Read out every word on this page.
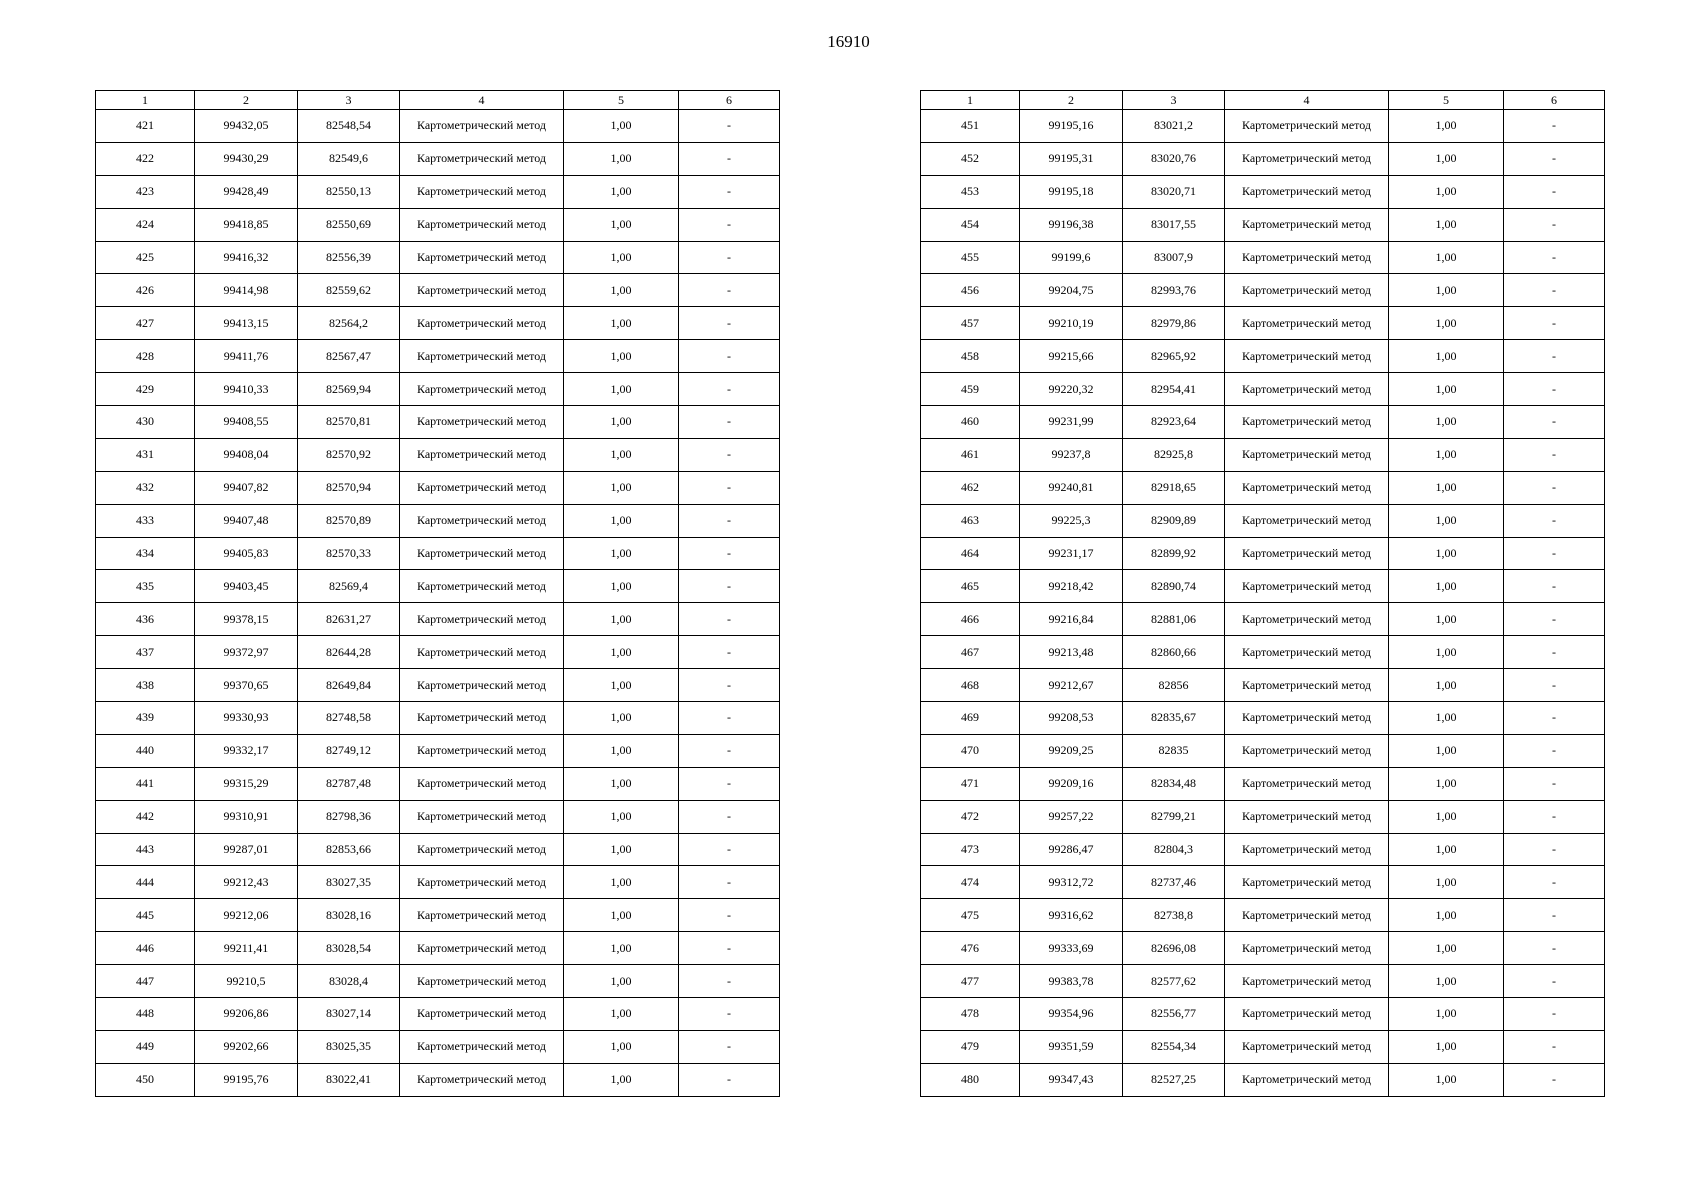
16910
1	2	3	4	5	6
421	99432,05	82548,54	Картометрический метод	1,00	-
422	99430,29	82549,6	Картометрический метод	1,00	-
423	99428,49	82550,13	Картометрический метод	1,00	-
424	99418,85	82550,69	Картометрический метод	1,00	-
425	99416,32	82556,39	Картометрический метод	1,00	-
426	99414,98	82559,62	Картометрический метод	1,00	-
427	99413,15	82564,2	Картометрический метод	1,00	-
428	99411,76	82567,47	Картометрический метод	1,00	-
429	99410,33	82569,94	Картометрический метод	1,00	-
430	99408,55	82570,81	Картометрический метод	1,00	-
431	99408,04	82570,92	Картометрический метод	1,00	-
432	99407,82	82570,94	Картометрический метод	1,00	-
433	99407,48	82570,89	Картометрический метод	1,00	-
434	99405,83	82570,33	Картометрический метод	1,00	-
435	99403,45	82569,4	Картометрический метод	1,00	-
436	99378,15	82631,27	Картометрический метод	1,00	-
437	99372,97	82644,28	Картометрический метод	1,00	-
438	99370,65	82649,84	Картометрический метод	1,00	-
439	99330,93	82748,58	Картометрический метод	1,00	-
440	99332,17	82749,12	Картометрический метод	1,00	-
441	99315,29	82787,48	Картометрический метод	1,00	-
442	99310,91	82798,36	Картометрический метод	1,00	-
443	99287,01	82853,66	Картометрический метод	1,00	-
444	99212,43	83027,35	Картометрический метод	1,00	-
445	99212,06	83028,16	Картометрический метод	1,00	-
446	99211,41	83028,54	Картометрический метод	1,00	-
447	99210,5	83028,4	Картометрический метод	1,00	-
448	99206,86	83027,14	Картометрический метод	1,00	-
449	99202,66	83025,35	Картометрический метод	1,00	-
450	99195,76	83022,41	Картометрический метод	1,00	-
1	2	3	4	5	6
451	99195,16	83021,2	Картометрический метод	1,00	-
452	99195,31	83020,76	Картометрический метод	1,00	-
453	99195,18	83020,71	Картометрический метод	1,00	-
454	99196,38	83017,55	Картометрический метод	1,00	-
455	99199,6	83007,9	Картометрический метод	1,00	-
456	99204,75	82993,76	Картометрический метод	1,00	-
457	99210,19	82979,86	Картометрический метод	1,00	-
458	99215,66	82965,92	Картометрический метод	1,00	-
459	99220,32	82954,41	Картометрический метод	1,00	-
460	99231,99	82923,64	Картометрический метод	1,00	-
461	99237,8	82925,8	Картометрический метод	1,00	-
462	99240,81	82918,65	Картометрический метод	1,00	-
463	99225,3	82909,89	Картометрический метод	1,00	-
464	99231,17	82899,92	Картометрический метод	1,00	-
465	99218,42	82890,74	Картометрический метод	1,00	-
466	99216,84	82881,06	Картометрический метод	1,00	-
467	99213,48	82860,66	Картометрический метод	1,00	-
468	99212,67	82856	Картометрический метод	1,00	-
469	99208,53	82835,67	Картометрический метод	1,00	-
470	99209,25	82835	Картометрический метод	1,00	-
471	99209,16	82834,48	Картометрический метод	1,00	-
472	99257,22	82799,21	Картометрический метод	1,00	-
473	99286,47	82804,3	Картометрический метод	1,00	-
474	99312,72	82737,46	Картометрический метод	1,00	-
475	99316,62	82738,8	Картометрический метод	1,00	-
476	99333,69	82696,08	Картометрический метод	1,00	-
477	99383,78	82577,62	Картометрический метод	1,00	-
478	99354,96	82556,77	Картометрический метод	1,00	-
479	99351,59	82554,34	Картометрический метод	1,00	-
480	99347,43	82527,25	Картометрический метод	1,00	-
